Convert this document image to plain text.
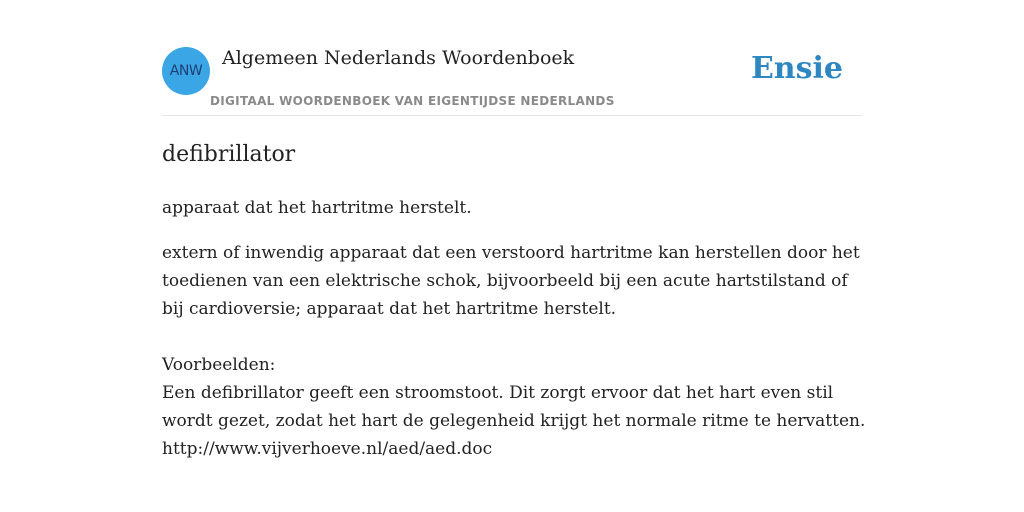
ANW
Algemeen Nederlands Woordenboek
DIGITAAL WOORDENBOEK VAN EIGENTIJDSE NEDERLANDS
Ensie
defibrillator
apparaat dat het hartritme herstelt.
extern of inwendig apparaat dat een verstoord hartritme kan herstellen door het
toedienen van een elektrische schok, bijvoorbeeld bij een acute hartstilstand of
bij cardioversie; apparaat dat het hartritme herstelt.
Voorbeelden:
Een defibrillator geeft een stroomstoot. Dit zorgt ervoor dat het hart even stil
wordt gezet, zodat het hart de gelegenheid krijgt het normale ritme te hervatten.
http://www.vijverhoeve.nl/aed/aed.doc
